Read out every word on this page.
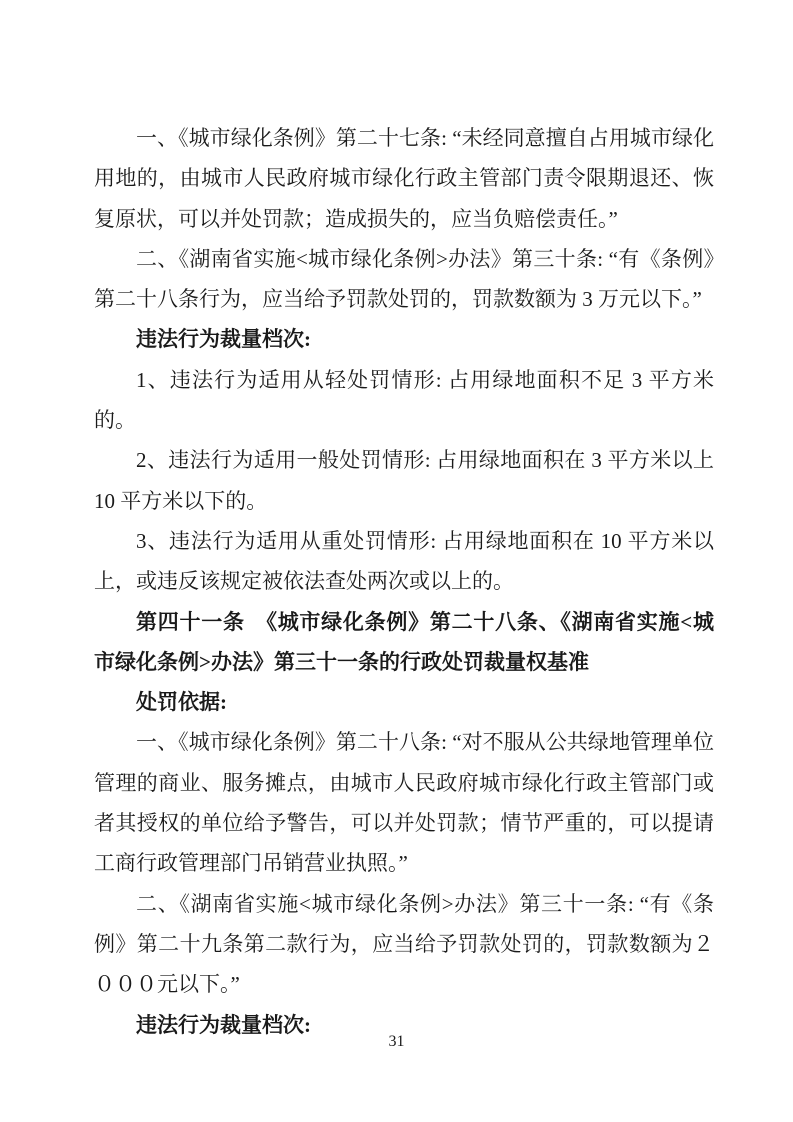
一、《城市绿化条例》第二十七条: “未经同意擅自占用城市绿化用地的，由城市人民政府城市绿化行政主管部门责令限期退还、恢复原状，可以并处罚款；造成损失的，应当负赔偿责任。”

二、《湖南省实施<城市绿化条例>办法》第三十条: “有《条例》第二十八条行为，应当给予罚款处罚的，罚款数额为 3 万元以下。”

违法行为裁量档次:

1、违法行为适用从轻处罚情形: 占用绿地面积不足 3 平方米的。

2、违法行为适用一般处罚情形: 占用绿地面积在 3 平方米以上 10 平方米以下的。

3、违法行为适用从重处罚情形: 占用绿地面积在 10 平方米以上，或违反该规定被依法查处两次或以上的。

第四十一条　《城市绿化条例》第二十八条、《湖南省实施<城市绿化条例>办法》第三十一条的行政处罚裁量权基准

处罚依据:

一、《城市绿化条例》第二十八条: “对不服从公共绿地管理单位管理的商业、服务摊点，由城市人民政府城市绿化行政主管部门或者其授权的单位给予警告，可以并处罚款；情节严重的，可以提请工商行政管理部门吊销营业执照。”

二、《湖南省实施<城市绿化条例>办法》第三十一条: “有《条例》第二十九条第二款行为，应当给予罚款处罚的，罚款数额为２０００元以下。”

违法行为裁量档次:

31
